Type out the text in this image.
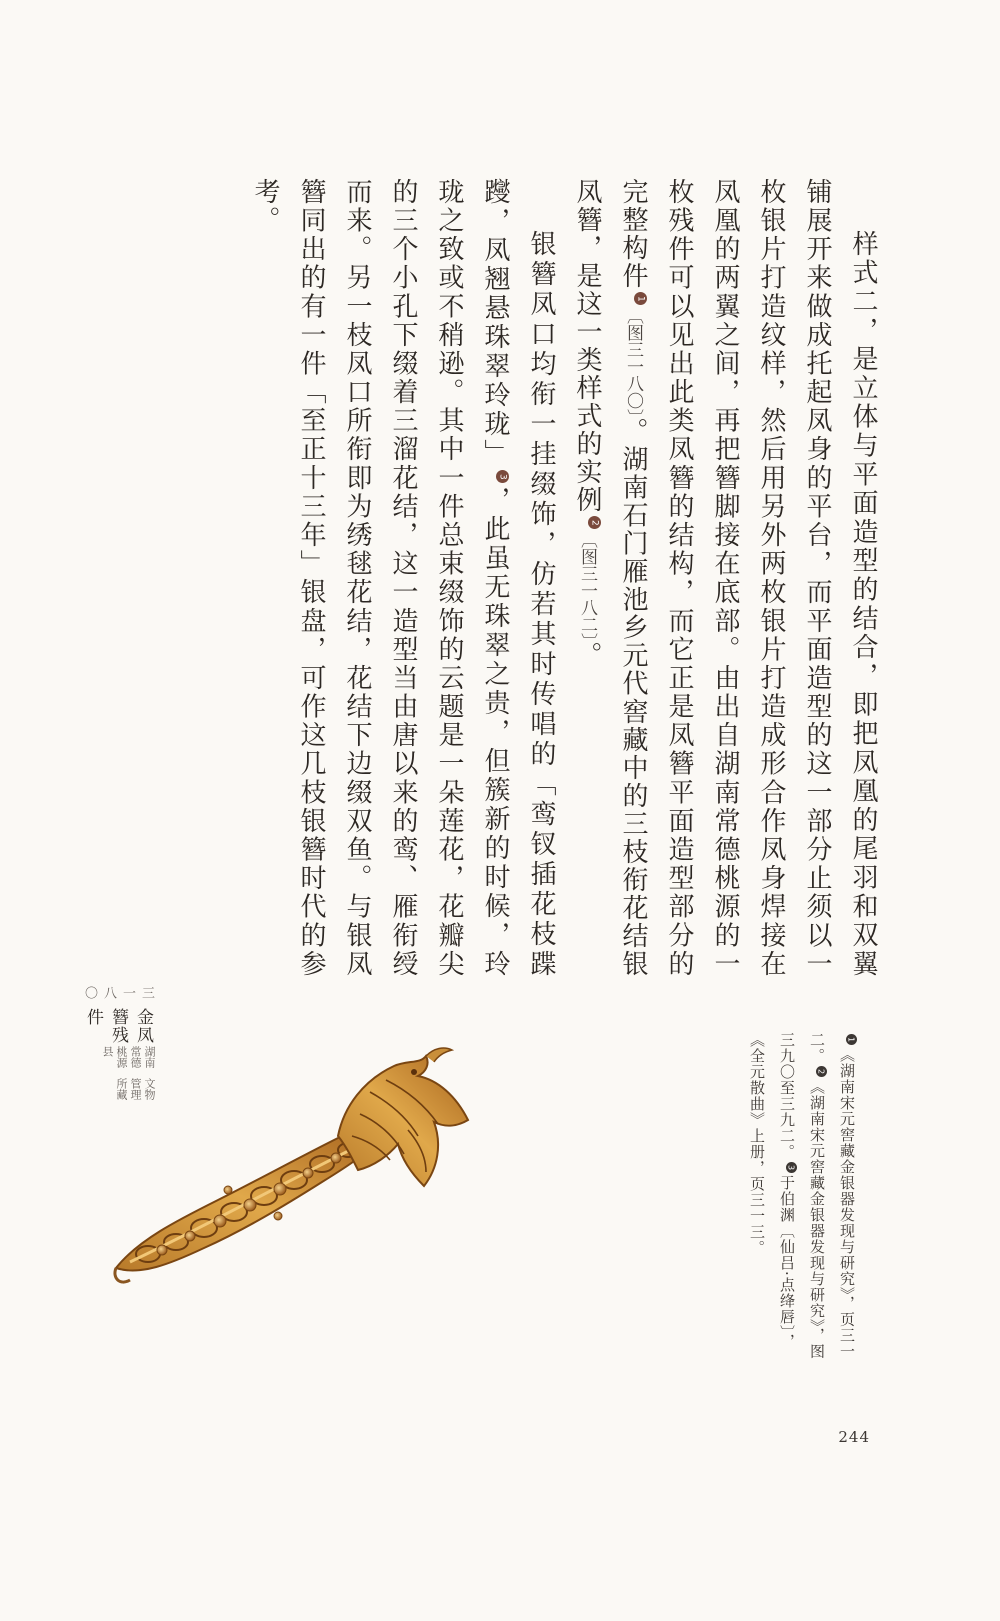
样式二，是立体与平面造型的结合，即把凤凰的尾羽和双翼铺展开来做成托起凤身的平台，而平面造型的这一部分止须以一枚银片打造纹样，然后用另外两枚银片打造成形合作凤身焊接在凤凰的两翼之间，再把簪脚接在底部。由出自湖南常德桃源的一枚残件可以见出此类凤簪的结构，而它正是凤簪平面造型部分的完整构件1〔图三一八〇〕。湖南石门雁池乡元代窖藏中的三枝衔花结银凤簪，是这一类样式的实例2〔图三一八二〕。

银簪凤口均衔一挂缀饰，仿若其时传唱的「鸾钗插花枝蹀躞，凤翘悬珠翠玲珑」3，此虽无珠翠之贵，但簇新的时候，玲珑之致或不稍逊。其中一件总束缀饰的云题是一朵莲花，花瓣尖的三个小孔下缀着三溜花结，这一造型当由唐以来的鸾、雁衔绶而来。另一枝凤口所衔即为绣毬花结，花结下边缀双鱼。与银凤簪同出的有一件「至正十三年」银盘，可作这几枝银簪时代的参考。

1《湖南宋元窖藏金银器发现与研究》，页三一二。2《湖南宋元窖藏金银器发现与研究》，图三九〇至三九二。3于伯渊〔仙吕·点绛唇〕，《全元散曲》上册，页三一三。
三一八〇
金凤簪残件
湖南常德桃源县
文物管理所藏
244
